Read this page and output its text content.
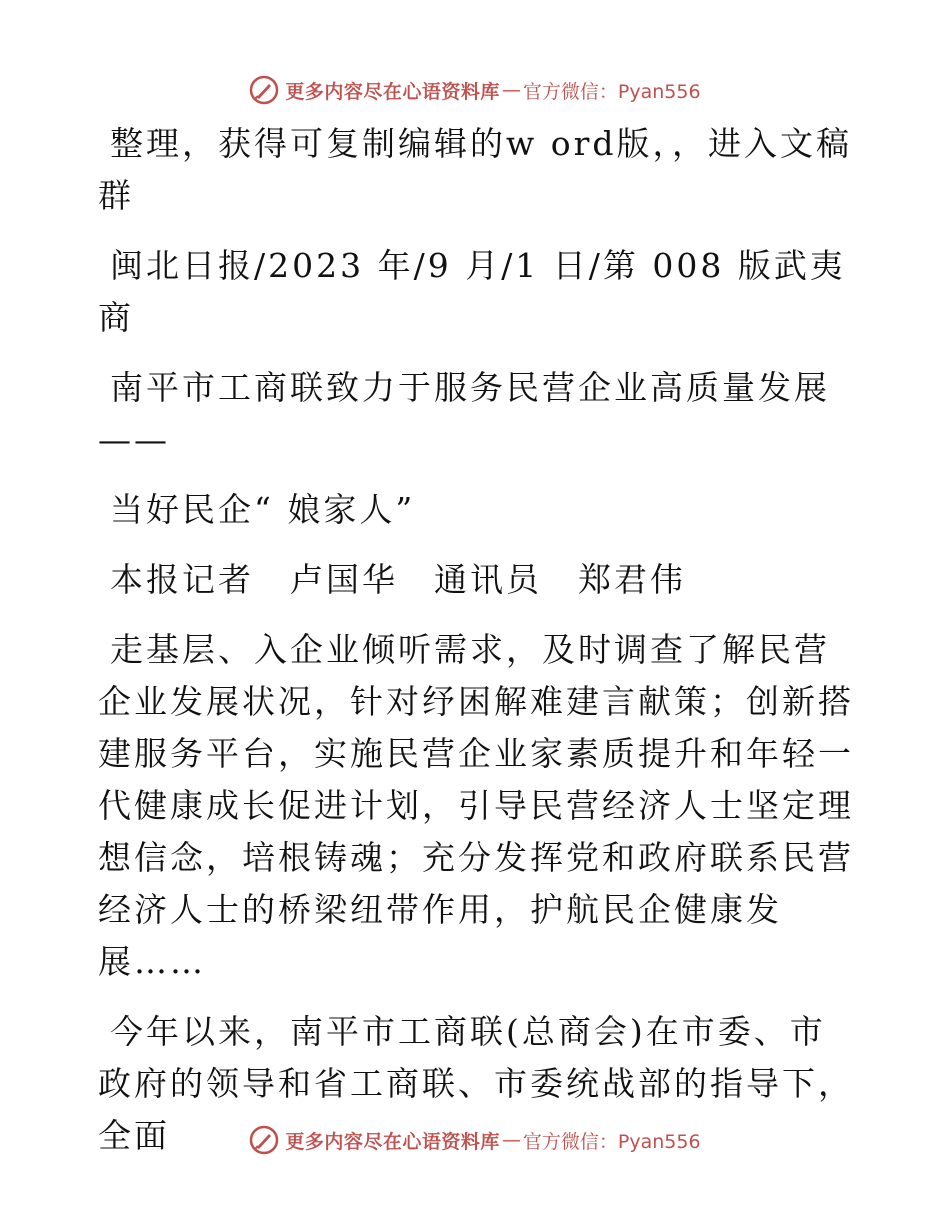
更多内容尽在心语资料库 — 官方微信：Pyan556

整理，获得可复制编辑的w ord版，，进入文稿群

闽北日报/2023 年/9 月/1 日/第 008 版武夷商

南平市工商联致力于服务民营企业高质量发展——

当好民企“ 娘家人”

本报记者　卢国华　通讯员　郑君伟

走基层、入企业倾听需求，及时调查了解民营企业发展状况，针对纾困解难建言献策；创新搭建服务平台，实施民营企业家素质提升和年轻一代健康成长促进计划，引导民营经济人士坚定理想信念，培根铸魂；充分发挥党和政府联系民营经济人士的桥梁纽带作用，护航民企健康发展……

今年以来，南平市工商联(总商会)在市委、市政府的领导和省工商联、市委统战部的指导下，全面	更多内容尽在心语资料库 — 官方微信：Pyan556
